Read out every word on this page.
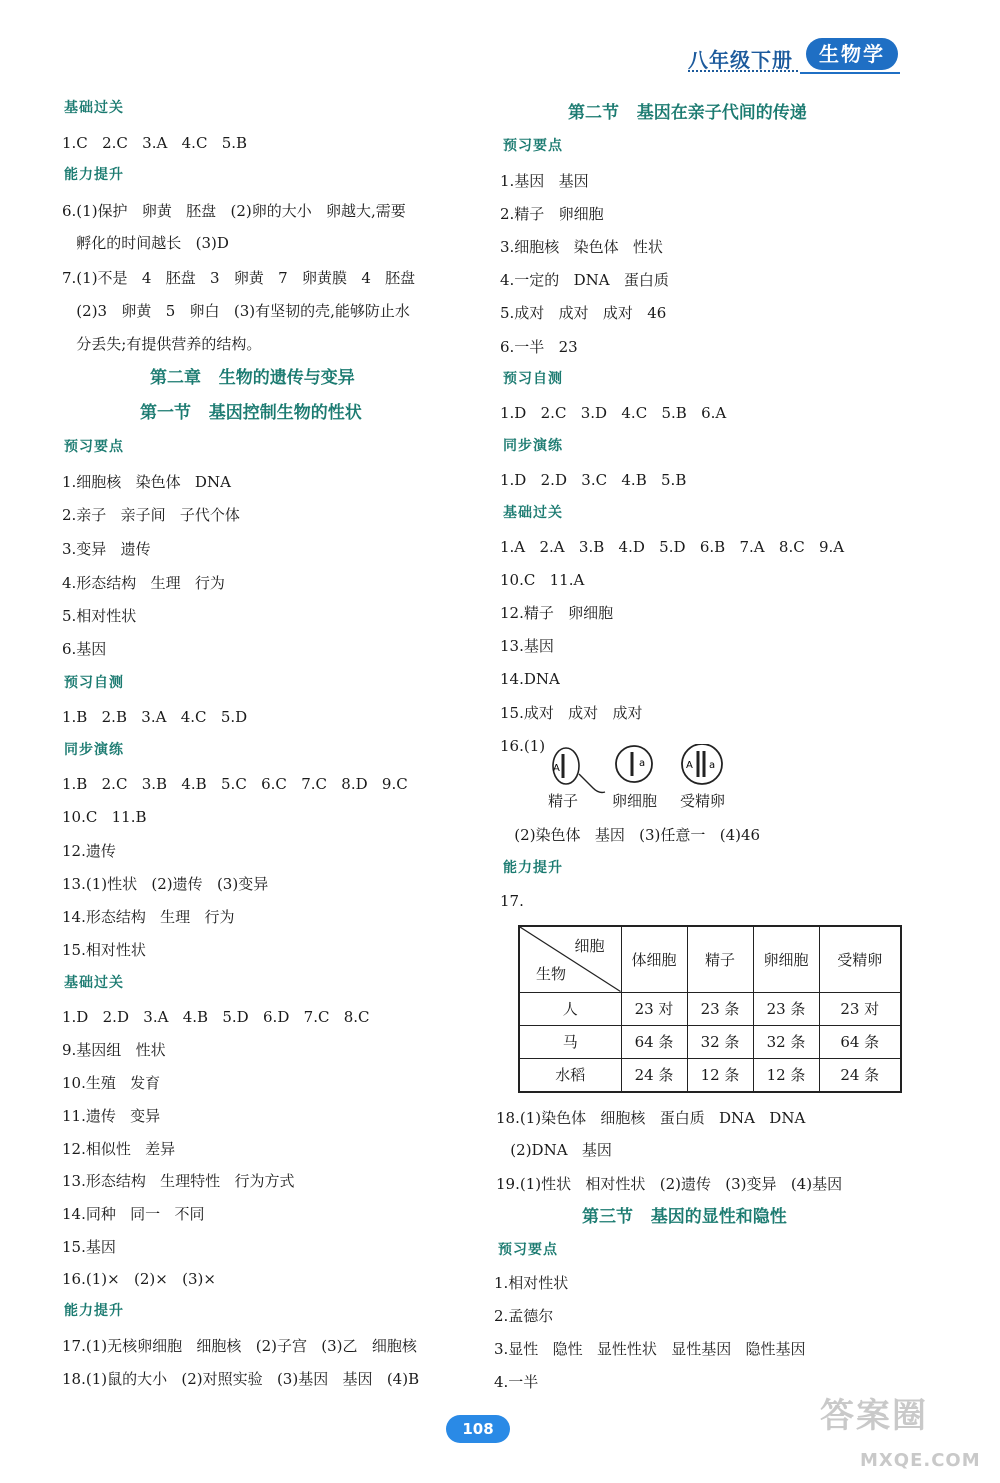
八年级下册	生物学
基础过关
1.C   2.C   3.A   4.C   5.B
能力提升
6.(1)保护   卵黄   胚盘   (2)卵的大小   卵越大,需要
孵化的时间越长   (3)D
7.(1)不是   4   胚盘   3   卵黄   7   卵黄膜   4   胚盘
(2)3   卵黄   5   卵白   (3)有坚韧的壳,能够防止水
分丢失;有提供营养的结构。
第二章   生物的遗传与变异
第一节   基因控制生物的性状
预习要点
1.细胞核   染色体   DNA
2.亲子   亲子间   子代个体
3.变异   遗传
4.形态结构   生理   行为
5.相对性状
6.基因
预习自测
1.B   2.B   3.A   4.C   5.D
同步演练
1.B   2.C   3.B   4.B   5.C   6.C   7.C   8.D   9.C
10.C   11.B
12.遗传
13.(1)性状   (2)遗传   (3)变异
14.形态结构   生理   行为
15.相对性状
基础过关
1.D   2.D   3.A   4.B   5.D   6.D   7.C   8.C
9.基因组   性状
10.生殖   发育
11.遗传   变异
12.相似性   差异
13.形态结构   生理特性   行为方式
14.同种   同一   不同
15.基因
16.(1)×   (2)×   (3)×
能力提升
17.(1)无核卵细胞   细胞核   (2)子宫   (3)乙   细胞核
18.(1)鼠的大小   (2)对照实验   (3)基因   基因   (4)B
第二节   基因在亲子代间的传递
预习要点
1.基因   基因
2.精子   卵细胞
3.细胞核   染色体   性状
4.一定的   DNA   蛋白质
5.成对   成对   成对   46
6.一半   23
预习自测
1.D   2.C   3.D   4.C   5.B   6.A
同步演练
1.D   2.D   3.C   4.B   5.B
基础过关
1.A   2.A   3.B   4.D   5.D   6.B   7.A   8.C   9.A
10.C   11.A
12.精子   卵细胞
13.基因
14.DNA
15.成对   成对   成对
16.(1)
A	a	A a
精子 卵细胞 受精卵
(2)染色体   基因   (3)任意一   (4)46
能力提升
17.
细胞
生物	体细胞	精子	卵细胞	受精卵
人	23 对	23 条	23 条	23 对
马	64 条	32 条	32 条	64 条
水稻	24 条	12 条	12 条	24 条
18.(1)染色体   细胞核   蛋白质   DNA   DNA
(2)DNA   基因
19.(1)性状   相对性状   (2)遗传   (3)变异   (4)基因
第三节   基因的显性和隐性
预习要点
1.相对性状
2.孟德尔
3.显性   隐性   显性性状   显性基因   隐性基因
4.一半
108	答案圈
MXQE.COM
